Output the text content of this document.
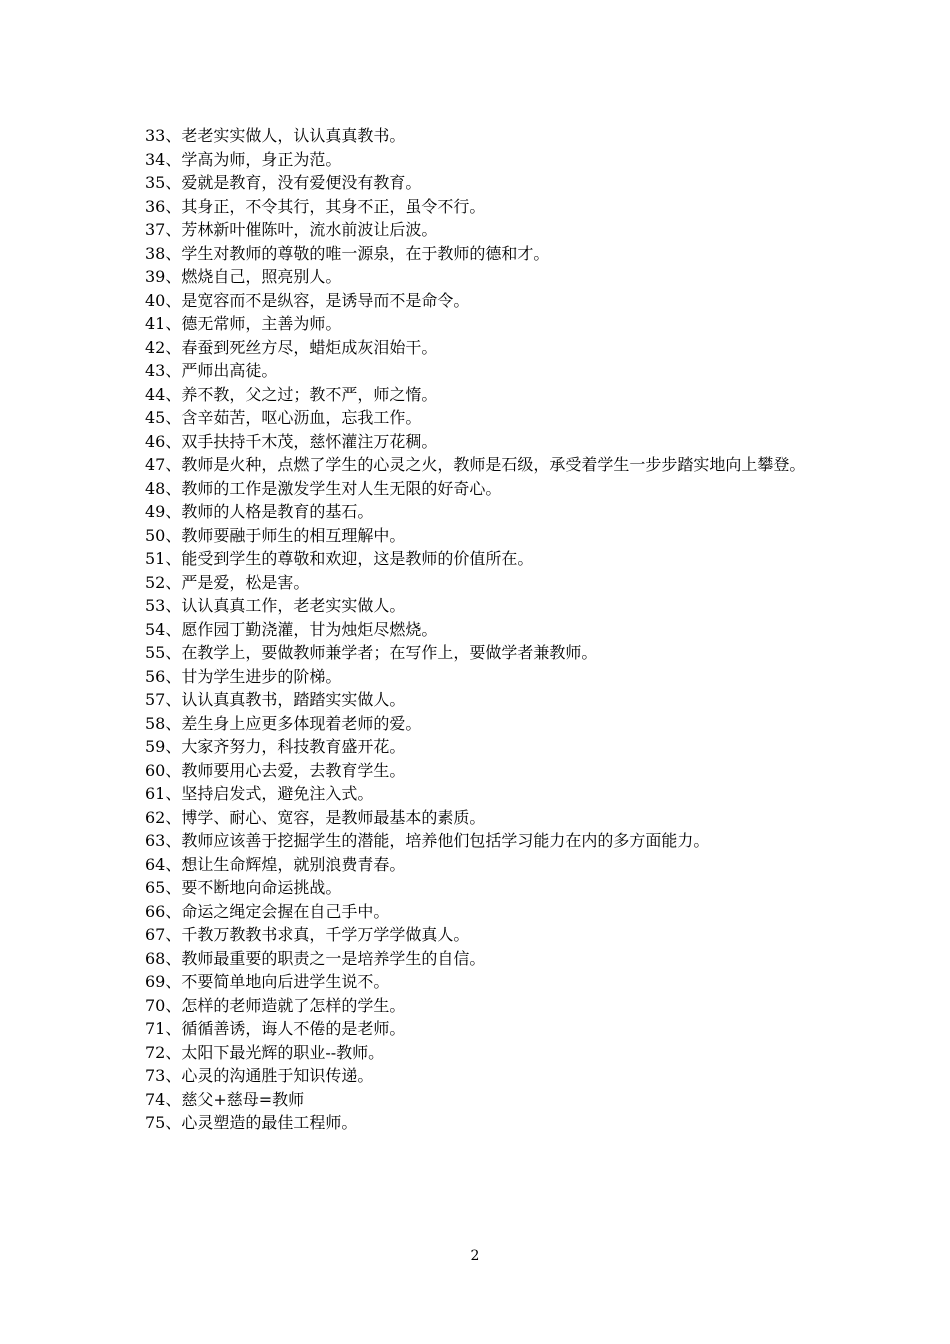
33、老老实实做人，认认真真教书。
34、学高为师，身正为范。
35、爱就是教育，没有爱便没有教育。
36、其身正，不令其行，其身不正，虽令不行。
37、芳林新叶催陈叶，流水前波让后波。
38、学生对教师的尊敬的唯一源泉，在于教师的德和才。
39、燃烧自己，照亮别人。
40、是宽容而不是纵容，是诱导而不是命令。
41、德无常师，主善为师。
42、春蚕到死丝方尽，蜡炬成灰泪始干。
43、严师出高徒。
44、养不教，父之过；教不严，师之惰。
45、含辛茹苦，呕心沥血，忘我工作。
46、双手扶持千木茂，慈怀灌注万花稠。
47、教师是火种，点燃了学生的心灵之火，教师是石级，承受着学生一步步踏实地向上攀登。
48、教师的工作是激发学生对人生无限的好奇心。
49、教师的人格是教育的基石。
50、教师要融于师生的相互理解中。
51、能受到学生的尊敬和欢迎，这是教师的价值所在。
52、严是爱，松是害。
53、认认真真工作，老老实实做人。
54、愿作园丁勤浇灌，甘为烛炬尽燃烧。
55、在教学上，要做教师兼学者；在写作上，要做学者兼教师。
56、甘为学生进步的阶梯。
57、认认真真教书，踏踏实实做人。
58、差生身上应更多体现着老师的爱。
59、大家齐努力，科技教育盛开花。
60、教师要用心去爱，去教育学生。
61、坚持启发式，避免注入式。
62、博学、耐心、宽容，是教师最基本的素质。
63、教师应该善于挖掘学生的潜能，培养他们包括学习能力在内的多方面能力。
64、想让生命辉煌，就别浪费青春。
65、要不断地向命运挑战。
66、命运之绳定会握在自己手中。
67、千教万教教书求真，千学万学学做真人。
68、教师最重要的职责之一是培养学生的自信。
69、不要简单地向后进学生说不。
70、怎样的老师造就了怎样的学生。
71、循循善诱，诲人不倦的是老师。
72、太阳下最光辉的职业--教师。
73、心灵的沟通胜于知识传递。
74、慈父+慈母=教师
75、心灵塑造的最佳工程师。
2
